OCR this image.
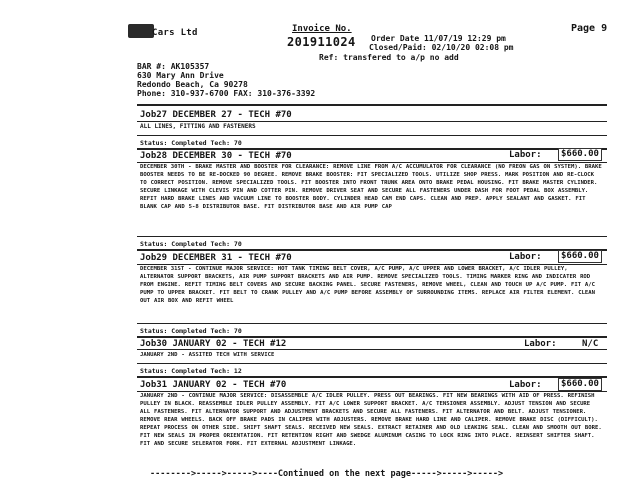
Cars Ltd	Invoice No.
201911024
Page 9
Order Date 11/07/19 12:29 pm
Closed/Paid: 02/10/20 02:08 pm
Ref: transfered to a/p no add
BAR #: AK105357
630 Mary Ann Drive
Redondo Beach, Ca 90278
Phone: 310-937-6700 FAX: 310-376-3392
Job27 DECEMBER 27 - TECH #70
ALL LINES, FITTING AND FASTENERS
Status: Completed Tech: 70
Job28 DECEMBER 30 - TECH #70	Labor:	$660.00
DECEMBER 30TH - BRAKE MASTER AND BOOSTER FOR CLEARANCE: REMOVE LINE FROM A/C ACCUMULATOR FOR CLEARANCE (NO FREON GAS ON SYSTEM). BRAKE BOOSTER NEEDS TO BE RE-DOCKED 90 DEGREE. REMOVE BRAKE BOOSTER: FIT SPECIALIZED TOOLS. UTILIZE SHOP PRESS. MARK POSITION AND RE-CLOCK TO CORRECT POSITION. REMOVE SPECIALIZED TOOLS. FIT BOOSTER INTO FRONT TRUNK AREA ONTO BRAKE PEDAL HOUSING. FIT BRAKE MASTER CYLINDER. SECURE LINKAGE WITH CLEVIS PIN AND COTTER PIN. REMOVE DRIVER SEAT AND SECURE ALL FASTENERS UNDER DASH FOR FOOT PEDAL BOX ASSEMBLY. REFIT HARD BRAKE LINES AND VACUUM LINE TO BOOSTER BODY. CYLINDER HEAD CAM END CAPS. CLEAN AND PREP. APPLY SEALANT AND GASKET. FIT BLANK CAP AND 5-8 DISTRIBUTOR BASE. FIT DISTRIBUTOR BASE AND AIR PUMP CAP
Status: Completed Tech: 70
Job29 DECEMBER 31 - TECH #70	Labor:	$660.00
DECEMBER 31ST - CONTINUE MAJOR SERVICE: HOT TANK TIMING BELT COVER, A/C PUMP, A/C UPPER AND LOWER BRACKET, A/C IDLER PULLEY, ALTERNATOR SUPPORT BRACKETS, AIR PUMP SUPPORT BRACKETS AND AIR PUMP. REMOVE SPECIALIZED TOOLS. TIMING MARKER RING AND INDICATER ROD FROM ENGINE. REFIT TIMING BELT COVERS AND SECURE BACKING PANEL. SECURE FASTENERS, REMOVE WHEEL, CLEAN AND TOUCH UP A/C PUMP. FIT A/C PUMP TO UPPER BRACKET. FIT BELT TO CRANK PULLEY AND A/C PUMP BEFORE ASSEMBLY OF SURROUNDING ITEMS. REPLACE AIR FILTER ELEMENT. CLEAN OUT AIR BOX AND REFIT WHEEL
Status: Completed Tech: 70
Job30 JANUARY 02 - TECH #12	Labor:	N/C
JANUARY 2ND - ASSITED TECH WITH SERVICE
Status: Completed Tech: 12
Job31 JANUARY 02 - TECH #70	Labor:	$660.00
JANUARY 2ND - CONTINUE MAJOR SERVICE: DISASSEMBLE A/C IDLER PULLEY. PRESS OUT BEARINGS. FIT NEW BEARINGS WITH AID OF PRESS. REFINISH PULLEY IN BLACK. REASSEMBLE IDLER PULLEY ASSEMBLY. FIT A/C LOWER SUPPORT BRACKET. A/C TENSIONER ASSEMBLY. ADJUST TENSION AND SECURE ALL FASTENERS. FIT ALTERNATOR SUPPORT AND ADJUSTMENT BRACKETS AND SECURE ALL FASTENERS. FIT ALTERNATOR AND BELT. ADJUST TENSIONER. REMOVE REAR WHEELS. BACK OFF BRAKE PADS IN CALIPER WITH ADJUSTERS. REMOVE BRAKE HARD LINE AND CALIPER. REMOVE BRAKE DISC (DIFFICULT). REPEAT PROCESS ON OTHER SIDE. SHIFT SHAFT SEALS. RECEIVED NEW SEALS. EXTRACT RETAINER AND OLD LEAKING SEAL. CLEAN AND SMOOTH OUT BORE. FIT NEW SEALS IN PROPER ORIENTATION. FIT RETENTION RIGHT AND SWEDGE ALUMINUM CASING TO LOCK RING INTO PLACE. REINSERT SHIFTER SHAFT. FIT AND SECURE SELERATOR FORK. FIT EXTERNAL ADJUSTMENT LINKAGE.
-------->----->----->----Continued on the next page----->----->----->
